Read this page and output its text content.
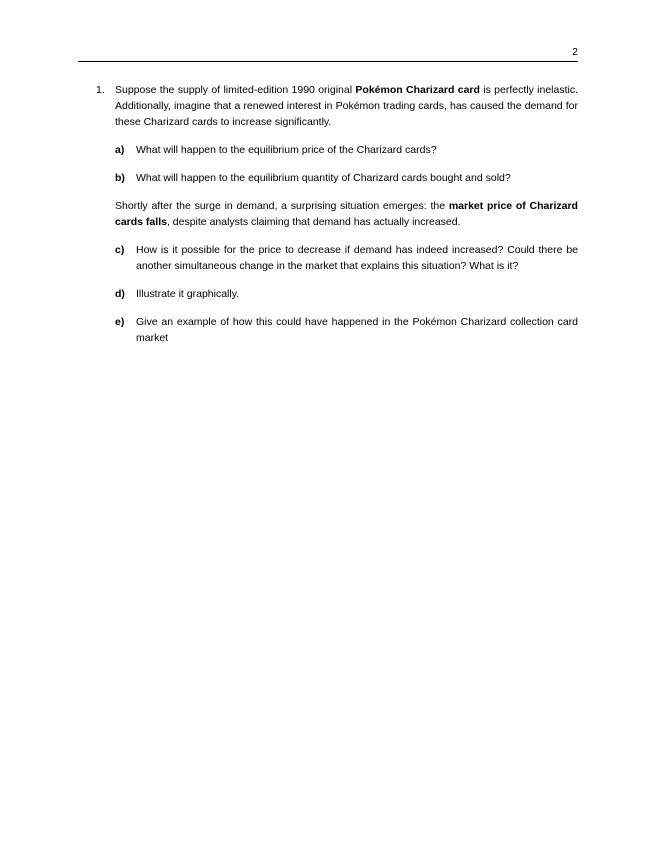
2
1. Suppose the supply of limited-edition 1990 original Pokémon Charizard card is perfectly inelastic. Additionally, imagine that a renewed interest in Pokémon trading cards, has caused the demand for these Charizard cards to increase significantly.

a)	What will happen to the equilibrium price of the Charizard cards?
b)	What will happen to the equilibrium quantity of Charizard cards bought and sold?

Shortly after the surge in demand, a surprising situation emerges: the market price of Charizard cards falls, despite analysts claiming that demand has actually increased.

c)	How is it possible for the price to decrease if demand has indeed increased? Could there be another simultaneous change in the market that explains this situation? What is it?
d)	Illustrate it graphically.
e)	Give an example of how this could have happened in the Pokémon Charizard collection card market
